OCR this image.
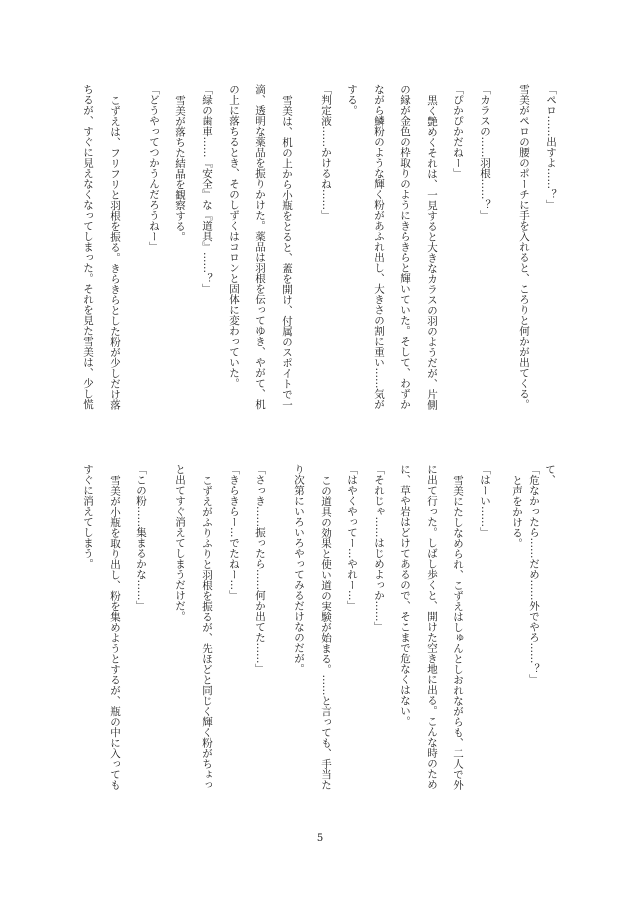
「ペロ……出すよ……？」
雪美がペロの腰のポーチに手を入れると、ころりと何かが出てくる。
「カラスの……羽根……？」
「ぴかぴかだねー」
黒く艶めくそれは、一見すると大きなカラスの羽のようだが、片側
の縁が金色の枠取りのようにきらきらと輝いていた。そして、わずか
ながら鱗粉のような輝く粉があふれ出し、大きさの割に重い……気が
する。
「判定液……かけるね……」
雪美は、机の上から小瓶をとると、蓋を開け、付属のスポイトで一
滴、透明な薬品を振りかけた。薬品は羽根を伝ってゆき、やがて、机
の上に落ちるとき、そのしずくはコロンと固体に変わっていた。
「緑の歯車……『安全』な『道具』……？」
雪美が落ちた結晶を観察する。
「どうやってつかうんだろうねー」
こずえは、フリフリと羽根を振る。きらきらとした粉が少しだけ落
ちるが、すぐに見えなくなってしまった。それを見た雪美は、少し慌
て、
「危なかったら……だめ……外でやろ……？」
と声をかける。
「はーい……」
雪美にたしなめられ、こずえはしゅんとしおれながらも、二人で外
に出て行った。しばし歩くと、開けた空き地に出る。こんな時のため
に、草や岩はどけてあるので、そこまで危なくはない。
「それじゃ……はじめよっか……」
「はやくやってー…やれー…」
この道具の効果と使い道の実験が始まる。……と言っても、手当た
り次第にいろいろやってみるだけなのだが。
「さっき……振ったら……何か出てた……」
「きらきらー…でたねー…」
こずえがふりふりと羽根を振るが、先ほどと同じく輝く粉がちょっ
と出てすぐ消えてしまうだけだ。
「この粉……集まるかな……」
雪美が小瓶を取り出し、粉を集めようとするが、瓶の中に入っても
すぐに消えてしまう。
5
